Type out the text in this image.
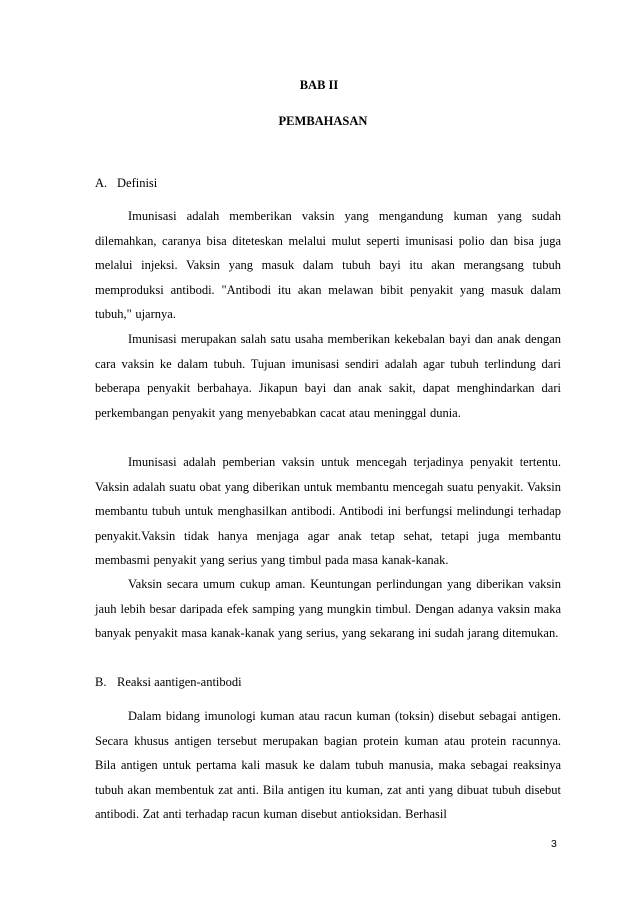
BAB II

PEMBAHASAN

A. Definisi

Imunisasi adalah memberikan vaksin yang mengandung kuman yang sudah dilemahkan, caranya bisa diteteskan melalui mulut seperti imunisasi polio dan bisa juga melalui injeksi. Vaksin yang masuk dalam tubuh bayi itu akan merangsang tubuh memproduksi antibodi. "Antibodi itu akan melawan bibit penyakit yang masuk dalam tubuh," ujarnya.

Imunisasi merupakan salah satu usaha memberikan kekebalan bayi dan anak dengan cara vaksin ke dalam tubuh. Tujuan imunisasi sendiri adalah agar tubuh terlindung dari beberapa penyakit berbahaya. Jikapun bayi dan anak sakit, dapat menghindarkan dari perkembangan penyakit yang menyebabkan cacat atau meninggal dunia.

Imunisasi adalah pemberian vaksin untuk mencegah terjadinya penyakit tertentu. Vaksin adalah suatu obat yang diberikan untuk membantu mencegah suatu penyakit. Vaksin membantu tubuh untuk menghasilkan antibodi. Antibodi ini berfungsi melindungi terhadap penyakit.Vaksin tidak hanya menjaga agar anak tetap sehat, tetapi juga membantu membasmi penyakit yang serius yang timbul pada masa kanak-kanak.

Vaksin secara umum cukup aman. Keuntungan perlindungan yang diberikan vaksin jauh lebih besar daripada efek samping yang mungkin timbul. Dengan adanya vaksin maka banyak penyakit masa kanak-kanak yang serius, yang sekarang ini sudah jarang ditemukan.

B. Reaksi aantigen-antibodi

Dalam bidang imunologi kuman atau racun kuman (toksin) disebut sebagai antigen. Secara khusus antigen tersebut merupakan bagian protein kuman atau protein racunnya. Bila antigen untuk pertama kali masuk ke dalam tubuh manusia, maka sebagai reaksinya tubuh akan membentuk zat anti. Bila antigen itu kuman, zat anti yang dibuat tubuh disebut antibodi. Zat anti terhadap racun kuman disebut antioksidan. Berhasil

3
